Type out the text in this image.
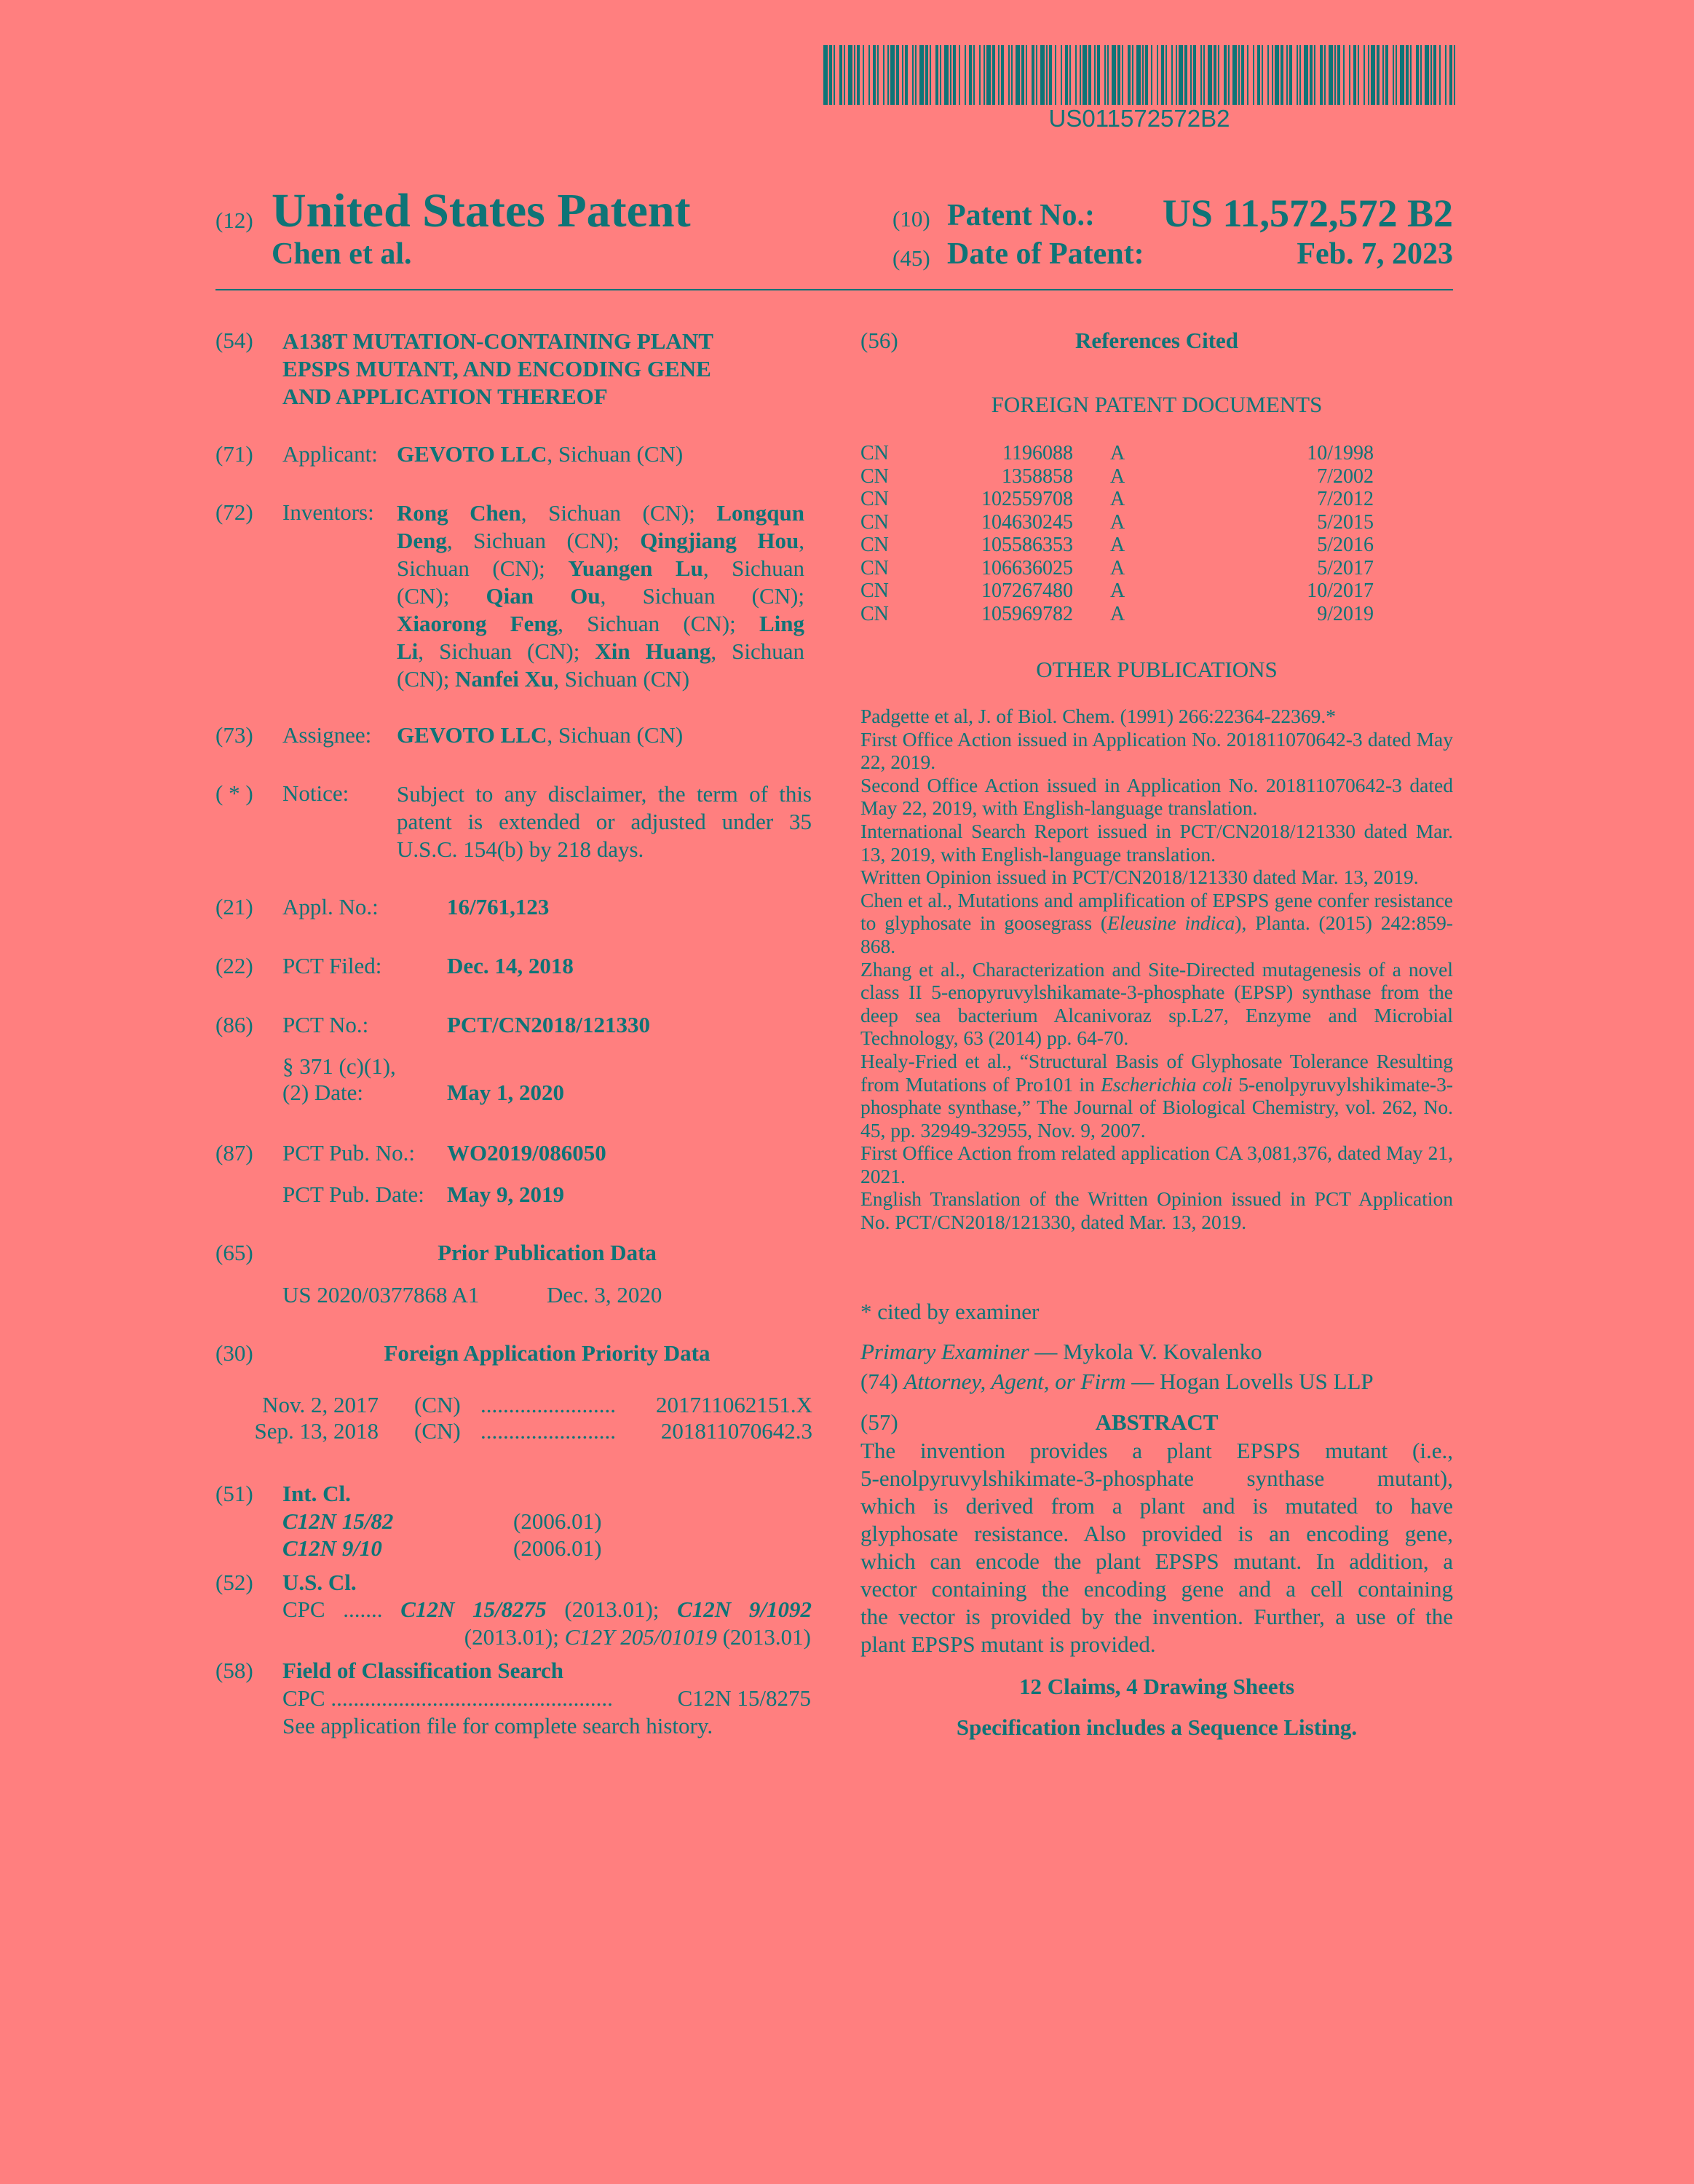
US011572572B2
(12) United States Patent
Chen et al.
(10) Patent No.: US 11,572,572 B2
(45) Date of Patent:	Feb. 7, 2023
(54) A138T MUTATION-CONTAINING PLANT
EPSPS MUTANT, AND ENCODING GENE
AND APPLICATION THEREOF
(71) Applicant: GEVOTO LLC, Sichuan (CN)
(72) Inventors: Rong Chen, Sichuan (CN); Longqun
Deng, Sichuan (CN); Qingjiang Hou,
Sichuan (CN); Yuangen Lu, Sichuan
(CN); Qian Ou, Sichuan (CN);
Xiaorong Feng, Sichuan (CN); Ling
Li, Sichuan (CN); Xin Huang, Sichuan
(CN); Nanfei Xu, Sichuan (CN)
(73) Assignee: GEVOTO LLC, Sichuan (CN)
( * ) Notice: Subject to any disclaimer, the term of this
patent is extended or adjusted under 35
U.S.C. 154(b) by 218 days.
(21) Appl. No.:	16/761,123
(22) PCT Filed:	Dec. 14, 2018
(86) PCT No.:	PCT/CN2018/121330
§ 371 (c)(1),
(2) Date:	May 1, 2020
(87) PCT Pub. No.: WO2019/086050
PCT Pub. Date: May 9, 2019
(65)	Prior Publication Data
US 2020/0377868 A1	Dec. 3, 2020
(30)	Foreign Application Priority Data
Nov. 2, 2017 (CN) ........................ 201711062151.X
Sep. 13, 2018 (CN) ........................ 201811070642.3
(51) Int. Cl.
C12N 15/82	(2006.01)
C12N 9/10	(2006.01)
(52) U.S. Cl.
CPC ....... C12N 15/8275 (2013.01); C12N 9/1092
(2013.01); C12Y 205/01019 (2013.01)
(58) Field of Classification Search
CPC ..................................................	C12N 15/8275
See application file for complete search history.
(56)	References Cited
FOREIGN PATENT DOCUMENTS
CN	1196088 A	10/1998
CN	1358858 A	7/2002
CN	102559708 A	7/2012
CN	104630245 A	5/2015
CN	105586353 A	5/2016
CN	106636025 A	5/2017
CN	107267480 A	10/2017
CN	105969782 A	9/2019
OTHER PUBLICATIONS

Padgette et al, J. of Biol. Chem. (1991) 266:22364-22369.*

First Office Action issued in Application No. 201811070642-3 dated May 22, 2019.

Second Office Action issued in Application No. 201811070642-3 dated May 22, 2019, with English-language translation.

International Search Report issued in PCT/CN2018/121330 dated Mar. 13, 2019, with English-language translation.

Written Opinion issued in PCT/CN2018/121330 dated Mar. 13, 2019.

Chen et al., Mutations and amplification of EPSPS gene confer resistance to glyphosate in goosegrass (Eleusine indica), Planta. (2015) 242:859-868.

Zhang et al., Characterization and Site-Directed mutagenesis of a novel class II 5-enopyruvylshikamate-3-phosphate (EPSP) synthase from the deep sea bacterium Alcanivoraz sp.L27, Enzyme and Microbial Technology, 63 (2014) pp. 64-70.

Healy-Fried et al., “Structural Basis of Glyphosate Tolerance Resulting from Mutations of Pro101 in Escherichia coli 5-enolpyruvylshikimate-3-phosphate synthase,” The Journal of Biological Chemistry, vol. 262, No. 45, pp. 32949-32955, Nov. 9, 2007.

First Office Action from related application CA 3,081,376, dated May 21, 2021.

English Translation of the Written Opinion issued in PCT Application No. PCT/CN2018/121330, dated Mar. 13, 2019.

* cited by examiner
Primary Examiner — Mykola V. Kovalenko
(74) Attorney, Agent, or Firm — Hogan Lovells US LLP
(57)	ABSTRACT
The invention provides a plant EPSPS mutant (i.e.,
5-enolpyruvylshikimate-3-phosphate synthase mutant),
which is derived from a plant and is mutated to have
glyphosate resistance. Also provided is an encoding gene,
which can encode the plant EPSPS mutant. In addition, a
vector containing the encoding gene and a cell containing
the vector is provided by the invention. Further, a use of the
plant EPSPS mutant is provided.
12 Claims, 4 Drawing Sheets
Specification includes a Sequence Listing.
